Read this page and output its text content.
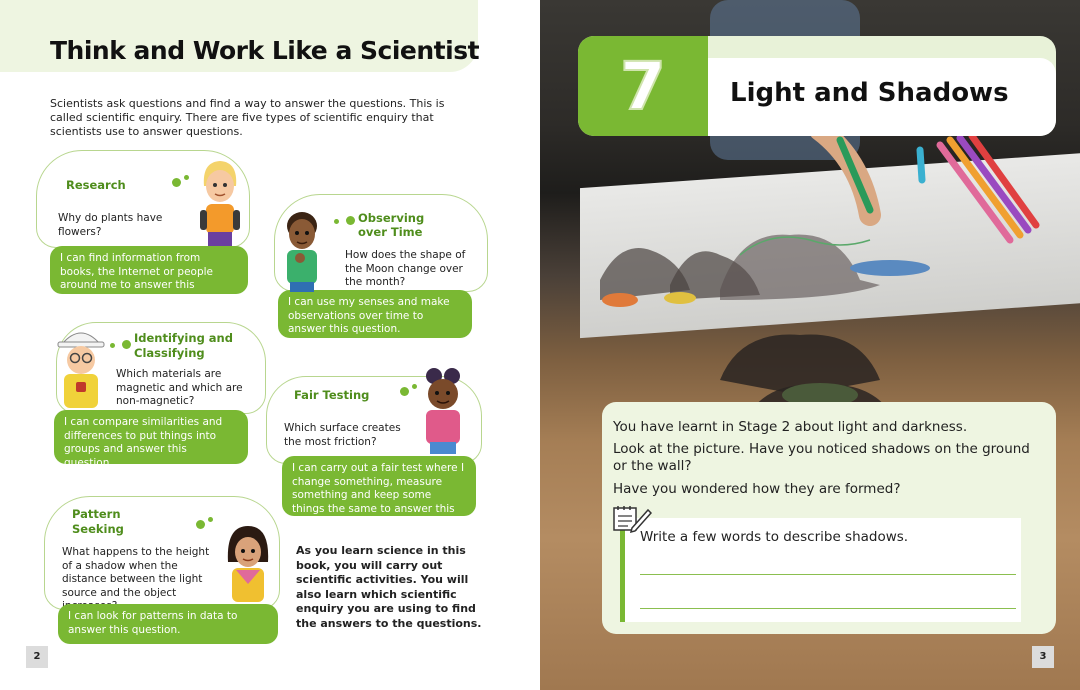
Think and Work Like a Scientist
Scientists ask questions and find a way to answer the questions. This is called scientific enquiry. There are five types of scientific enquiry that scientists use to answer questions.
Research
Why do plants have flowers?
I can find information from books, the Internet or people around me to answer this question.
Observing
over Time
How does the shape of the Moon change over the month?
I can use my senses and make observations over time to answer this question.
Identifying and
Classifying
Which materials are magnetic and which are non-magnetic?
I can compare similarities and differences to put things into groups and answer this question.
Fair Testing
Which surface creates the most friction?
I can carry out a fair test where I change something, measure something and keep some things the same to answer this question.
Pattern
Seeking
What happens to the height of a shadow when the distance between the light source and the object
I can look for patterns in data to answer this question.
As you learn science in this book, you will carry out scientific activities. You will also learn which scientific enquiry you are using to find the answers to the questions.
2
7 Light and Shadows
You have learnt in Stage 2 about light and darkness.
Look at the picture. Have you noticed shadows on the ground or the wall?
Have you wondered how they are formed?
Write a few words to describe shadows.
3
